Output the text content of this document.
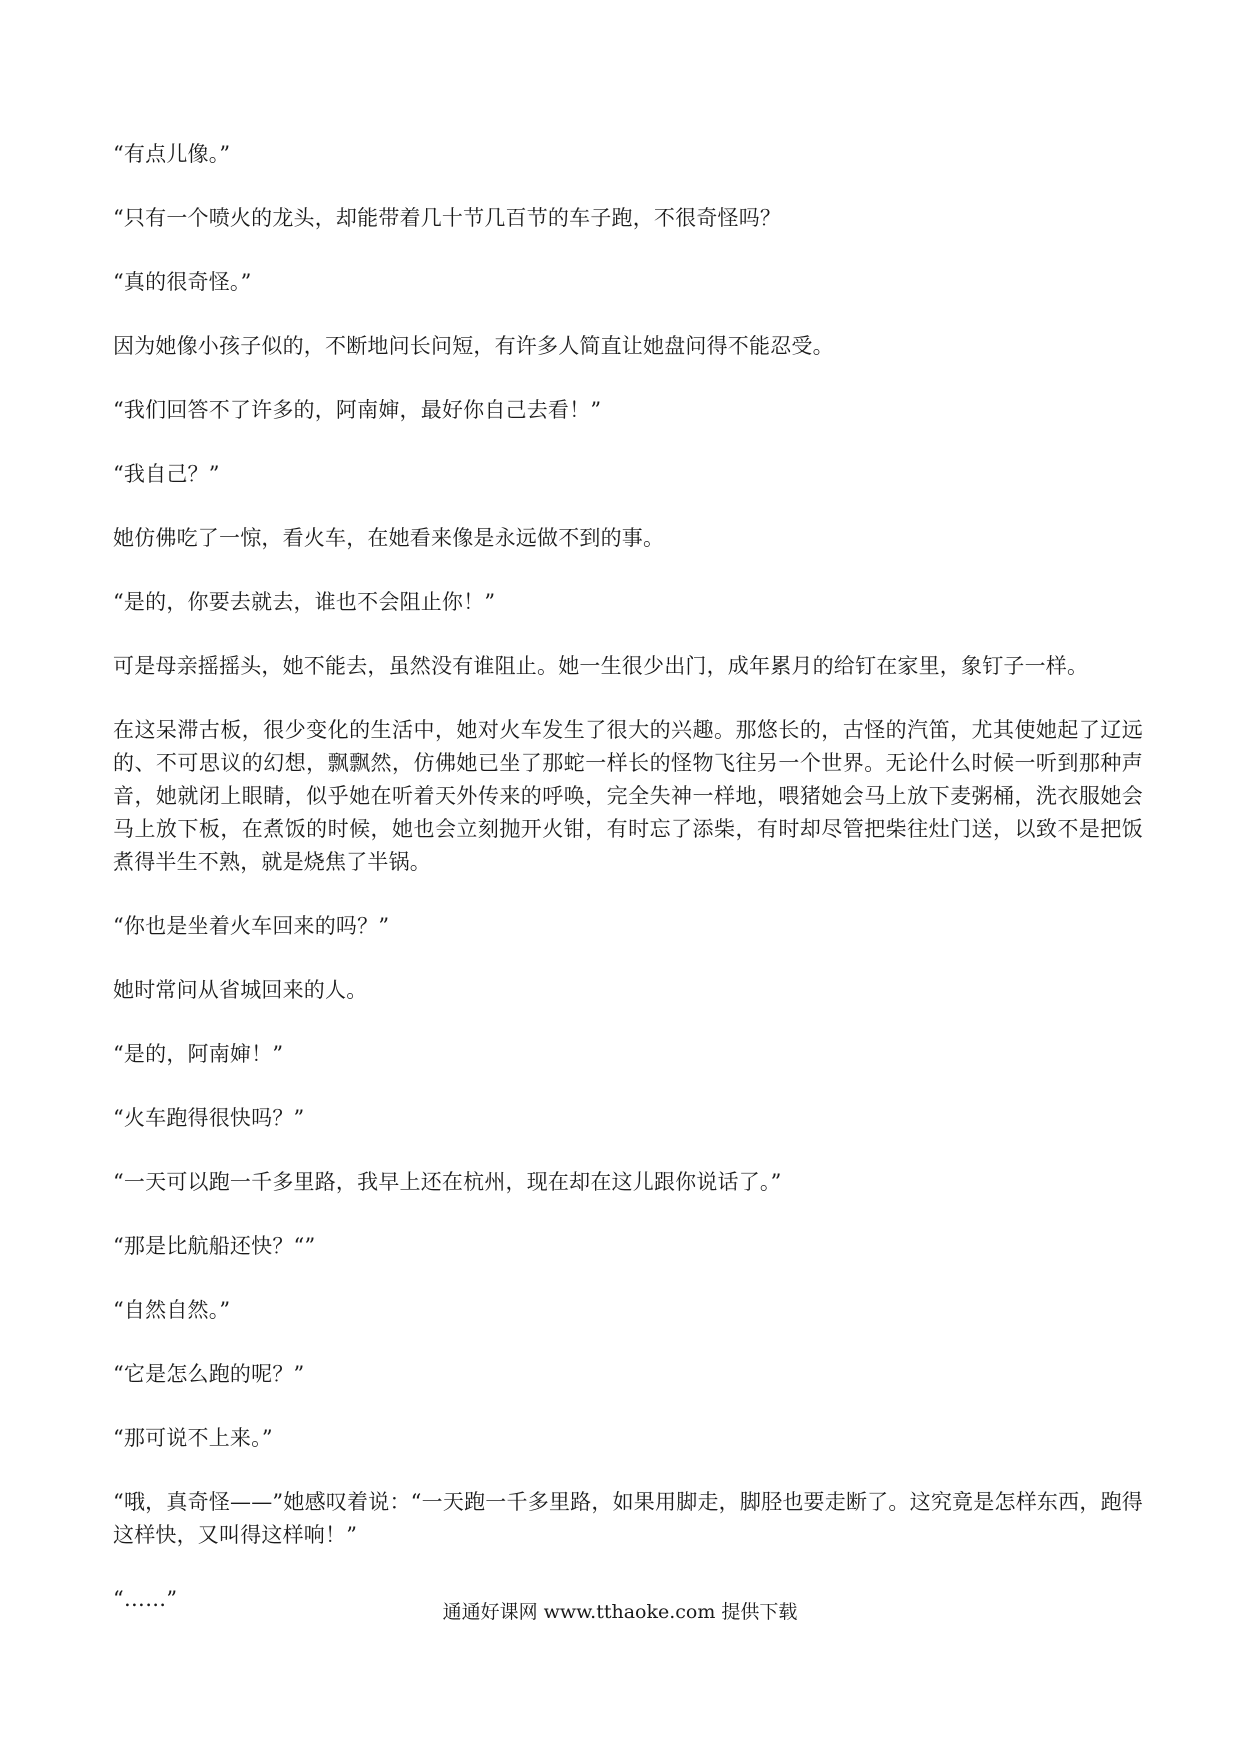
“有点儿像。”

“只有一个喷火的龙头，却能带着几十节几百节的车子跑，不很奇怪吗？

“真的很奇怪。”

因为她像小孩子似的，不断地问长问短，有许多人简直让她盘问得不能忍受。

“我们回答不了许多的，阿南婶，最好你自己去看！”

“我自己？”

她仿佛吃了一惊，看火车，在她看来像是永远做不到的事。

“是的，你要去就去，谁也不会阻止你！”

可是母亲摇摇头，她不能去，虽然没有谁阻止。她一生很少出门，成年累月的给钉在家里，象钉子一样。

在这呆滞古板，很少变化的生活中，她对火车发生了很大的兴趣。那悠长的，古怪的汽笛，尤其使她起了辽远的、不可思议的幻想，飘飘然，仿佛她已坐了那蛇一样长的怪物飞往另一个世界。无论什么时候一听到那种声音，她就闭上眼睛，似乎她在听着天外传来的呼唤，完全失神一样地，喂猪她会马上放下麦粥桶，洗衣服她会马上放下板，在煮饭的时候，她也会立刻抛开火钳，有时忘了添柴，有时却尽管把柴往灶门送，以致不是把饭煮得半生不熟，就是烧焦了半锅。

“你也是坐着火车回来的吗？”

她时常问从省城回来的人。

“是的，阿南婶！”

“火车跑得很快吗？”

“一天可以跑一千多里路，我早上还在杭州，现在却在这儿跟你说话了。”

“那是比航船还快？“”

“自然自然。”

“它是怎么跑的呢？”

“那可说不上来。”

“哦，真奇怪——”她感叹着说：“一天跑一千多里路，如果用脚走，脚胫也要走断了。这究竟是怎样东西，跑得这样快，又叫得这样响！”

“……”

通通好课网 www.tthaoke.com 提供下载
